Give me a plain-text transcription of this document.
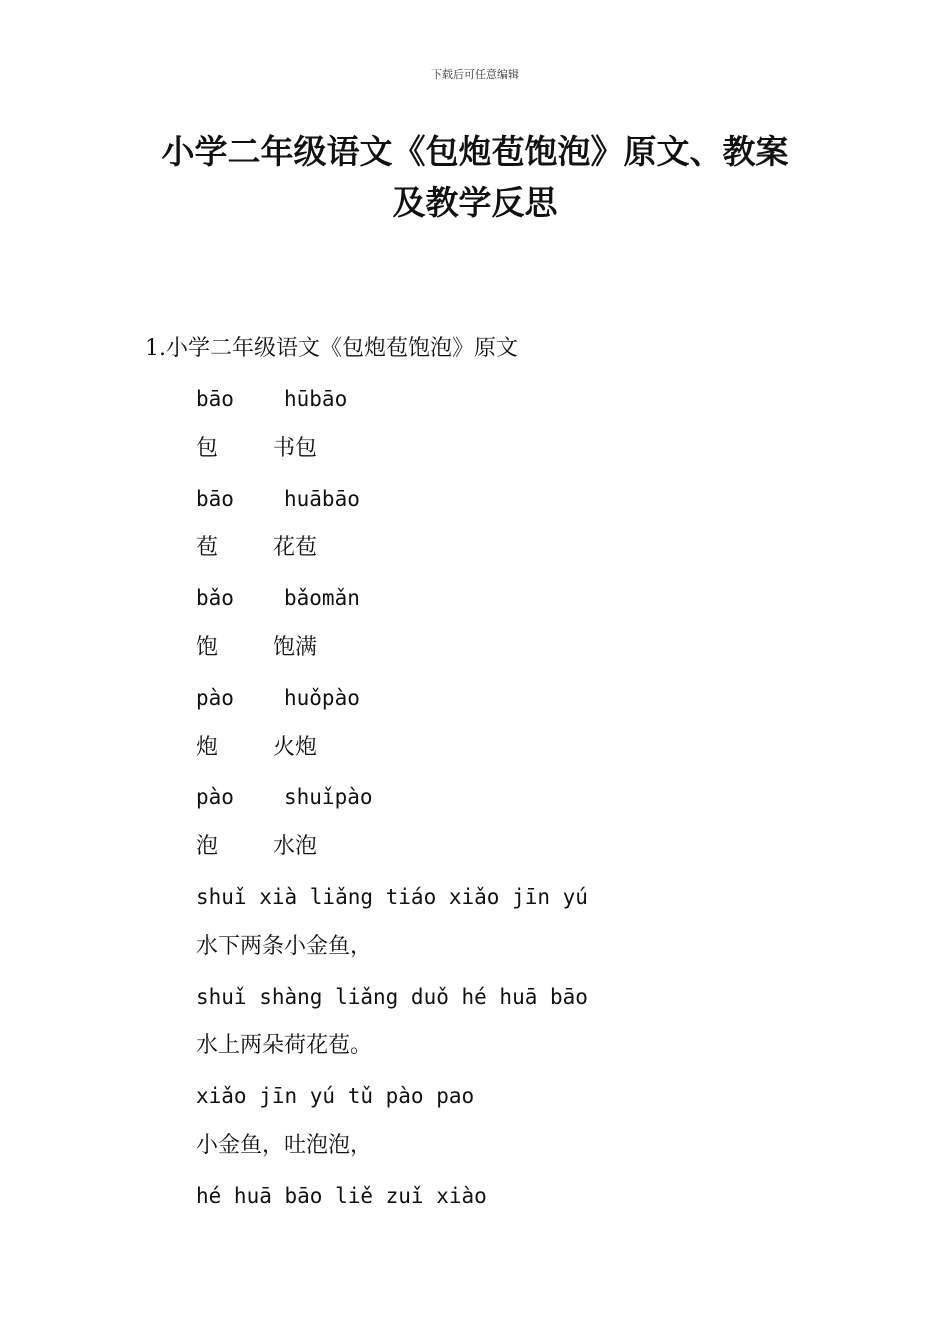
下载后可任意编辑
小学二年级语文《包炮苞饱泡》原文、教案及教学反思
1.小学二年级语文《包炮苞饱泡》原文
bāo hūbāo
包 书包
bāo huābāo
苞 花苞
bǎo bǎomǎn
饱 饱满
pào huǒpào
炮 火炮
pào shuǐpào
泡 水泡
shuǐ xià liǎng tiáo xiǎo jīn yú
水下两条小金鱼，
shuǐ shàng liǎng duǒ hé huā bāo
水上两朵荷花苞。
xiǎo jīn yú tǔ pào pao
小金鱼，吐泡泡，
hé huā bāo liě zuǐ xiào
